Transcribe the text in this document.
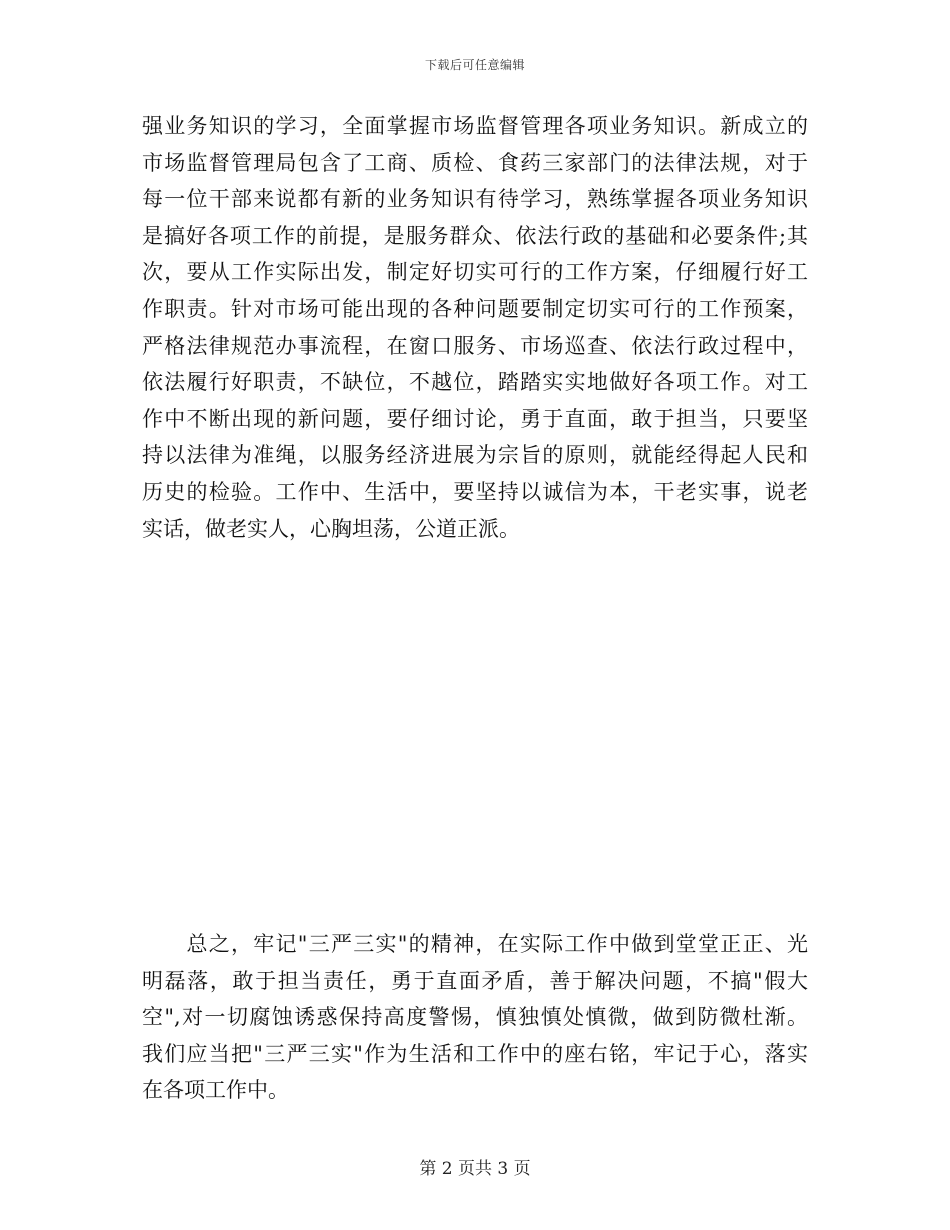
下载后可任意编辑
强业务知识的学习，全面掌握市场监督管理各项业务知识。新成立的
市场监督管理局包含了工商、质检、食药三家部门的法律法规，对于
每一位干部来说都有新的业务知识有待学习，熟练掌握各项业务知识
是搞好各项工作的前提，是服务群众、依法行政的基础和必要条件;其
次，要从工作实际出发，制定好切实可行的工作方案，仔细履行好工
作职责。针对市场可能出现的各种问题要制定切实可行的工作预案，
严格法律规范办事流程，在窗口服务、市场巡查、依法行政过程中，
依法履行好职责，不缺位，不越位，踏踏实实地做好各项工作。对工
作中不断出现的新问题，要仔细讨论，勇于直面，敢于担当，只要坚
持以法律为准绳，以服务经济进展为宗旨的原则，就能经得起人民和
历史的检验。工作中、生活中，要坚持以诚信为本，干老实事，说老
实话，做老实人，心胸坦荡，公道正派。
　　总之，牢记"三严三实"的精神，在实际工作中做到堂堂正正、光
明磊落，敢于担当责任，勇于直面矛盾，善于解决问题，不搞"假大
空",对一切腐蚀诱惑保持高度警惕，慎独慎处慎微，做到防微杜渐。
我们应当把"三严三实"作为生活和工作中的座右铭，牢记于心，落实
在各项工作中。
第 2 页共 3 页
